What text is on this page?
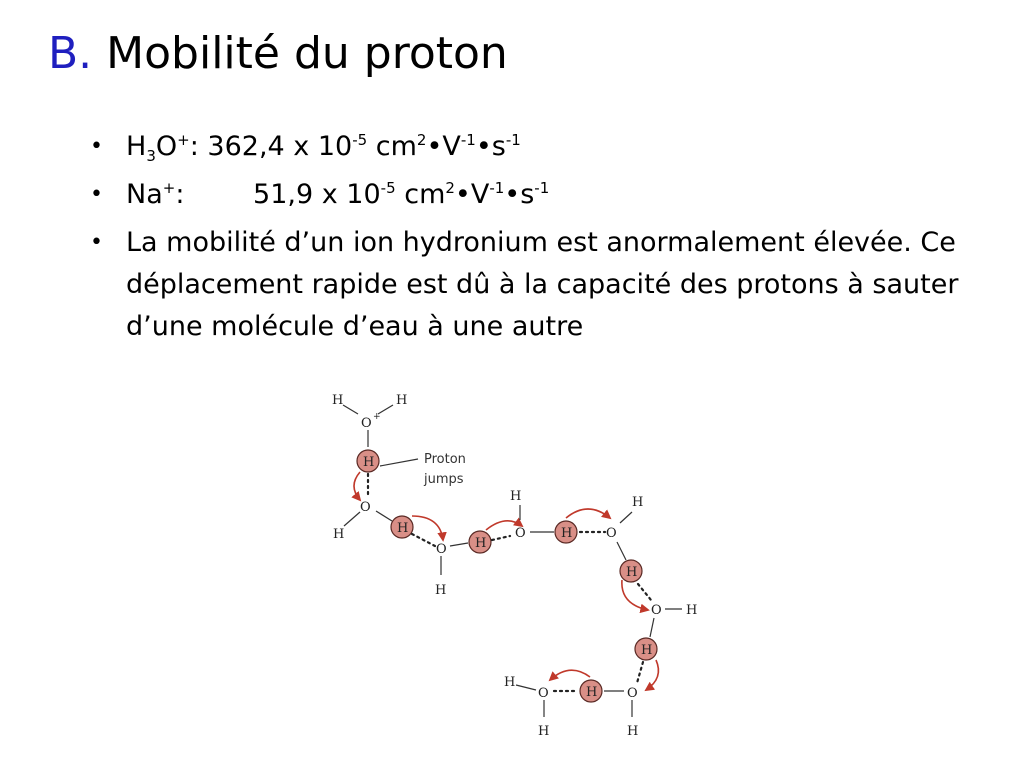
B. Mobilité du proton
• $H_3O^+$: 362,4 x $10^{-5}$ $cm^2•V^{-1}•s^{-1}$
• Na+:	51,9 x $10^{-5}$ $cm^2•V^{-1}•s^{-1}$
• La mobilité d’un ion hydronium est anormalement élevée. Ce déplacement rapide est dû à la capacité des protons à sauter d’une molécule d’eau à une autre
H	H
O +
H	Proton
jumps
O
H	H
O
H
H
O
H
H	O
H
H
O H
H
O
H
H
O
H
H
